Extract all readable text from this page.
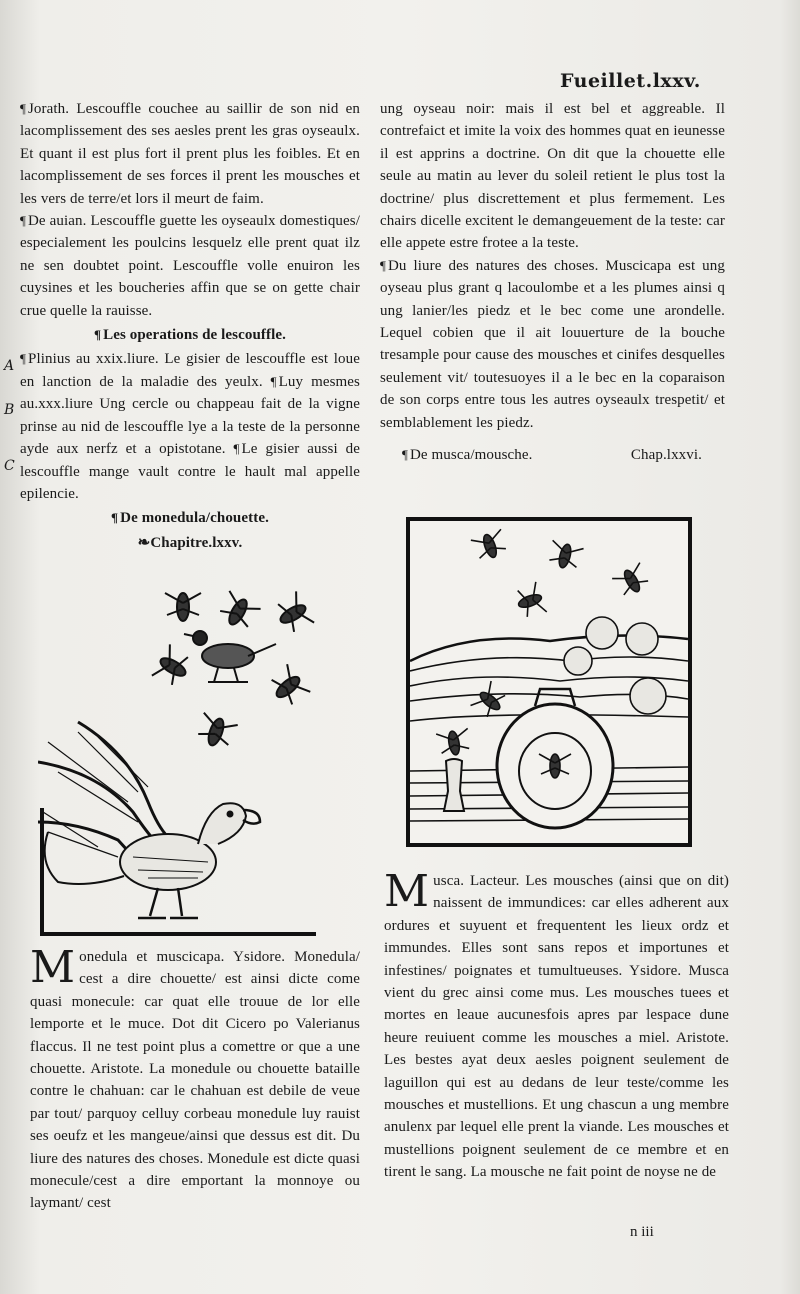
Fueillet.lxxv.

¶ Jorath. Lescouffle couchee au saillir de son nid en lacomplissement des ses aesles prent les gras oyseaulx. Et quant il est plus fort il prent plus les foibles. Et en lacomplissement de ses forces il prent les mousches et les vers de terre/et lors il meurt de faim.

¶ De auian. Lescouffle guette les oyseaulx domestiques/ especialement les poulcins lesquelz elle prent quat ilz ne sen doubtet point. Lescouffle volle enuiron les cuysines et les boucheries affin que se on gette chair crue quelle la rauisse.

¶ Les operations de lescouffle.

¶ Plinius au xxix.liure. Le gisier de lescouffle est loue en lanction de la maladie des yeulx. ¶ Luy mesmes au.xxx.liure Ung cercle ou chappeau fait de la vigne prinse au nid de lescouffle lye a la teste de la personne ayde aux nerfz et a opistotane. ¶ Le gisier aussi de lescouffle mange vault contre le hault mal appelle epilencie.

¶ De monedula/chouette.
❧Chapitre.lxxv.
A
B
C

ung oyseau noir: mais il est bel et aggreable. Il contrefaict et imite la voix des hommes quat en ieunesse il est apprins a doctrine. On dit que la chouette elle seule au matin au lever du soleil retient le plus tost la doctrine/ plus discrettement et plus fermement. Les chairs dicelle excitent le demangeuement de la teste: car elle appete estre frotee a la teste.

¶ Du liure des natures des choses. Muscicapa est ung oyseau plus grant q lacoulombe et a les plumes ainsi q ung lanier/les piedz et le bec come une arondelle. Lequel cobien que il ait louuerture de la bouche tresample pour cause des mousches et cinifes desquelles seulement vit/ toutesuoyes il a le bec en la coparaison de son corps entre tous les autres oyseaulx trespetit/ et semblablement les piedz.

¶ De musca/mousche.	Chap.lxxvi.

Monedula et muscicapa. Ysidore. Monedula/ cest a dire chouette/ est ainsi dicte come quasi monecule: car quat elle trouue de lor elle lemporte et le muce. Dot dit Cicero po Valerianus flaccus. Il ne test point plus a comettre or que a une chouette. Aristote. La monedule ou chouette bataille contre le chahuan: car le chahuan est debile de veue par tout/ parquoy celluy corbeau monedule luy rauist ses oeufz et les mangeue/ainsi que dessus est dit. Du liure des natures des choses. Monedule est dicte quasi monecule/cest a dire emportant la monnoye ou laymant/ cest

Musca. Lacteur. Les mousches (ainsi que on dit) naissent de immundices: car elles adherent aux ordures et suyuent et frequentent les lieux ordz et immundes. Elles sont sans repos et importunes et infestines/ poignates et tumultueuses. Ysidore. Musca vient du grec ainsi come mus. Les mousches tuees et mortes en leaue aucunesfois apres par lespace dune heure reuiuent comme les mousches a miel. Aristote. Les bestes ayat deux aesles poignent seulement de laguillon qui est au dedans de leur teste/comme les mousches et mustellions. Et ung chascun a ung membre anulenx par lequel elle prent la viande. Les mousches et mustellions poignent seulement de ce membre et en tirent le sang. La mousche ne fait point de noyse ne de

n iii
